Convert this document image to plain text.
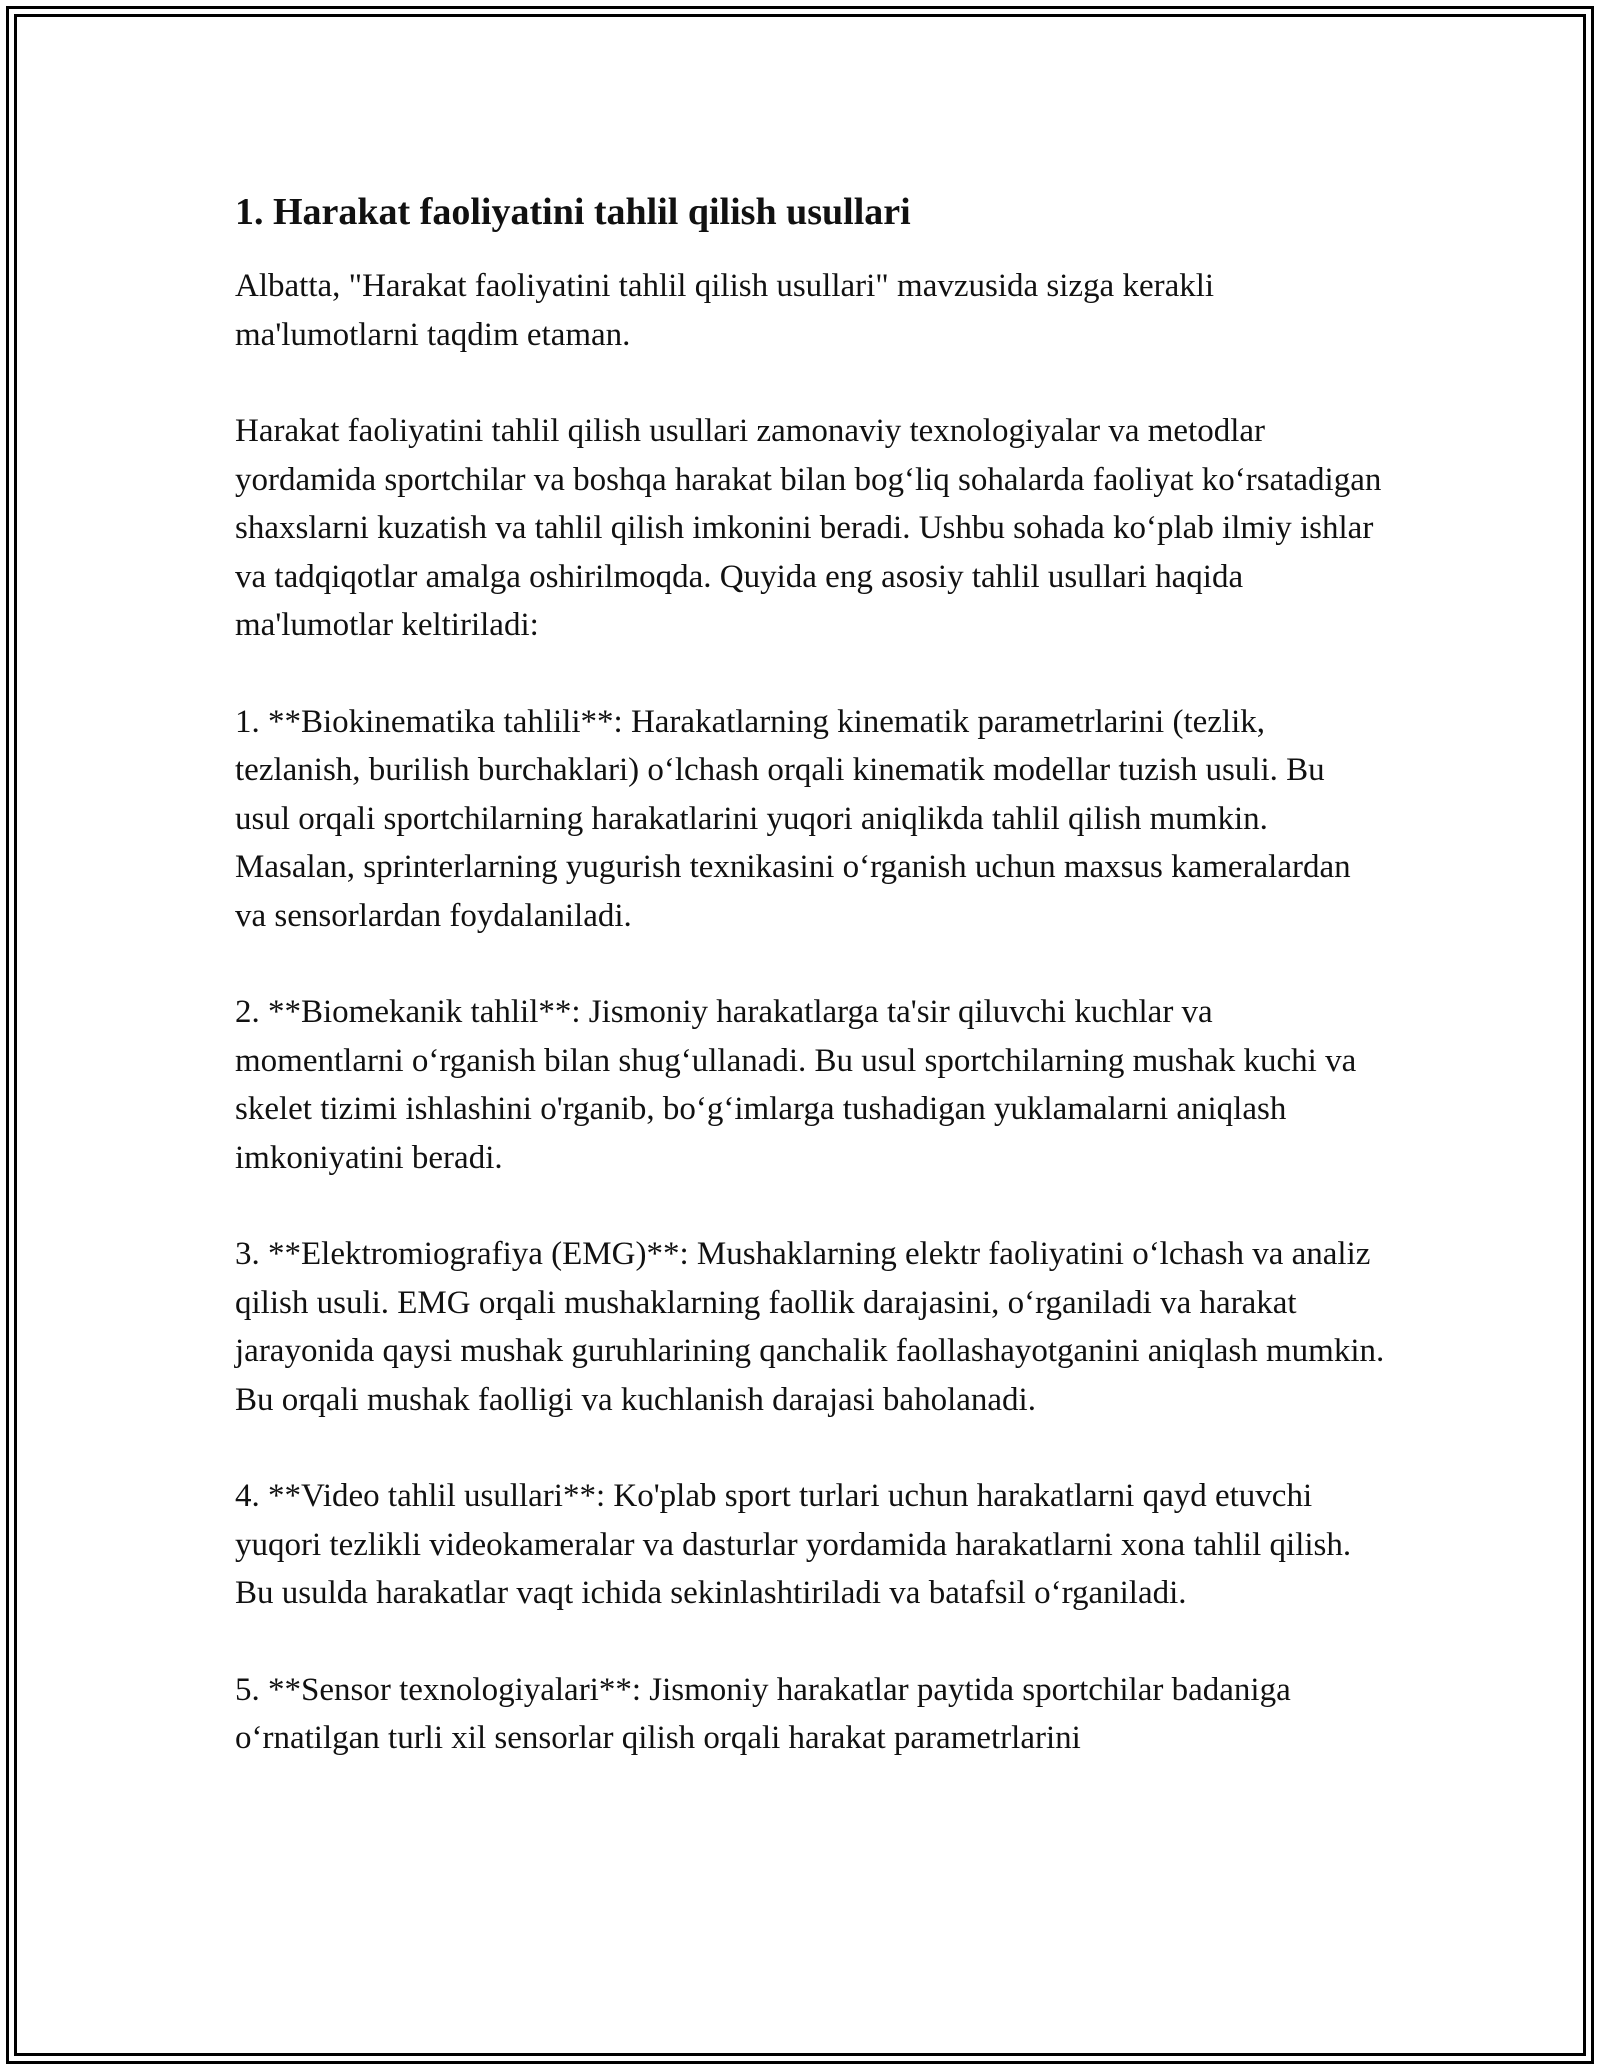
1. Harakat faoliyatini tahlil qilish usullari

Albatta, "Harakat faoliyatini tahlil qilish usullari" mavzusida sizga kerakli ma'lumotlarni taqdim etaman.

Harakat faoliyatini tahlil qilish usullari zamonaviy texnologiyalar va metodlar yordamida sportchilar va boshqa harakat bilan bog‘liq sohalarda faoliyat ko‘rsatadigan shaxslarni kuzatish va tahlil qilish imkonini beradi. Ushbu sohada ko‘plab ilmiy ishlar va tadqiqotlar amalga oshirilmoqda. Quyida eng asosiy tahlil usullari haqida ma'lumotlar keltiriladi:

1. **Biokinematika tahlili**: Harakatlarning kinematik parametrlarini (tezlik, tezlanish, burilish burchaklari) o‘lchash orqali kinematik modellar tuzish usuli. Bu usul orqali sportchilarning harakatlarini yuqori aniqlikda tahlil qilish mumkin. Masalan, sprinterlarning yugurish texnikasini o‘rganish uchun maxsus kameralardan va sensorlardan foydalaniladi.

2. **Biomekanik tahlil**: Jismoniy harakatlarga ta'sir qiluvchi kuchlar va momentlarni o‘rganish bilan shug‘ullanadi. Bu usul sportchilarning mushak kuchi va skelet tizimi ishlashini o'rganib, bo‘g‘imlarga tushadigan yuklamalarni aniqlash imkoniyatini beradi.

3. **Elektromiografiya (EMG)**: Mushaklarning elektr faoliyatini o‘lchash va analiz qilish usuli. EMG orqali mushaklarning faollik darajasini, o‘rganiladi va harakat jarayonida qaysi mushak guruhlarining qanchalik faollashayotganini aniqlash mumkin. Bu orqali mushak faolligi va kuchlanish darajasi baholanadi.

4. **Video tahlil usullari**: Ko'plab sport turlari uchun harakatlarni qayd etuvchi yuqori tezlikli videokameralar va dasturlar yordamida harakatlarni xona tahlil qilish. Bu usulda harakatlar vaqt ichida sekinlashtiriladi va batafsil o‘rganiladi.

5. **Sensor texnologiyalari**: Jismoniy harakatlar paytida sportchilar badaniga o‘rnatilgan turli xil sensorlar qilish orqali harakat parametrlarini
